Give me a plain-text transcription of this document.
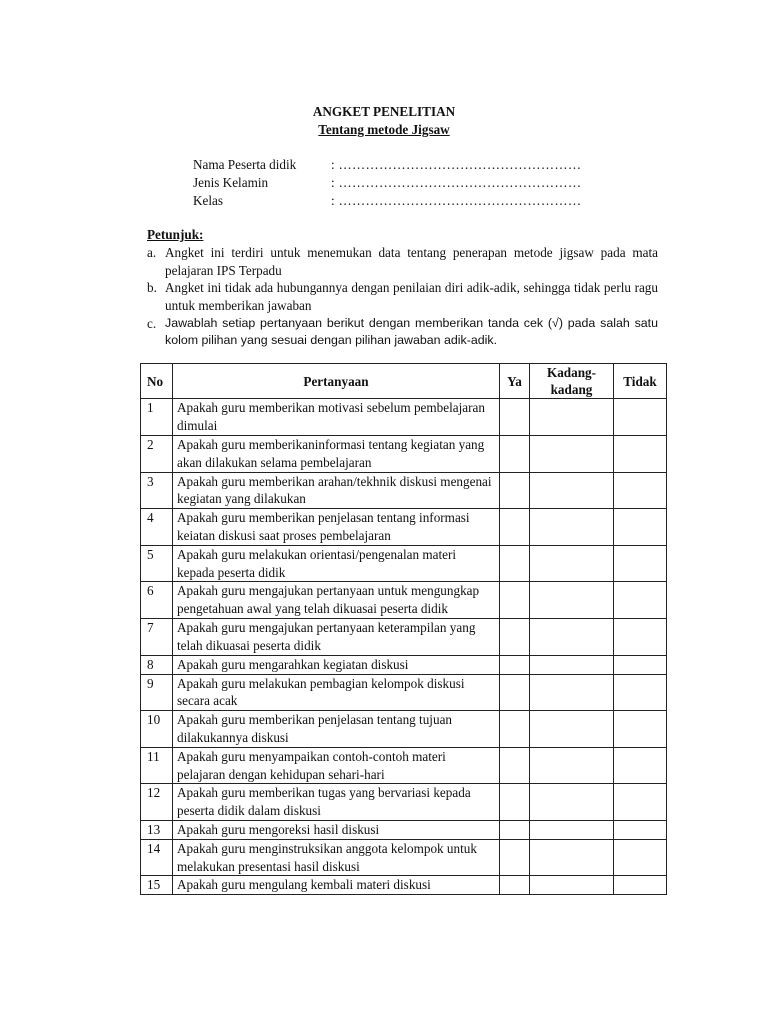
ANGKET PENELITIAN
Tentang metode Jigsaw
Nama Peserta didik	: ………………………………………………
Jenis Kelamin	: ………………………………………………
Kelas	: ………………………………………………
Petunjuk:
a. Angket ini terdiri untuk menemukan data tentang penerapan metode jigsaw pada mata pelajaran IPS Terpadu
b. Angket ini tidak ada hubungannya dengan penilaian diri adik-adik, sehingga tidak perlu ragu untuk memberikan jawaban
c. Jawablah setiap pertanyaan berikut dengan memberikan tanda cek (√) pada salah satu kolom pilihan yang sesuai dengan pilihan jawaban adik-adik.
No	Pertanyaan	Ya	Kadang-kadang	Tidak
1	Apakah guru memberikan motivasi sebelum pembelajaran dimulai			
2	Apakah guru memberikaninformasi tentang kegiatan yang akan dilakukan selama pembelajaran			
3	Apakah guru memberikan arahan/tekhnik diskusi mengenai kegiatan yang dilakukan			
4	Apakah guru memberikan penjelasan tentang informasi keiatan diskusi saat proses pembelajaran			
5	Apakah guru melakukan orientasi/pengenalan materi kepada peserta didik			
6	Apakah guru mengajukan pertanyaan untuk mengungkap pengetahuan awal yang telah dikuasai peserta didik			
7	Apakah guru mengajukan pertanyaan keterampilan yang telah dikuasai peserta didik			
8	Apakah guru mengarahkan kegiatan diskusi			
9	Apakah guru melakukan pembagian kelompok diskusi secara acak			
10	Apakah guru memberikan penjelasan tentang tujuan dilakukannya diskusi			
11	Apakah guru menyampaikan contoh-contoh materi pelajaran dengan kehidupan sehari-hari			
12	Apakah guru memberikan tugas yang bervariasi kepada peserta didik dalam diskusi			
13	Apakah guru mengoreksi hasil diskusi			
14	Apakah guru menginstruksikan anggota kelompok untuk melakukan presentasi hasil diskusi			
15	Apakah guru mengulang kembali materi diskusi			
